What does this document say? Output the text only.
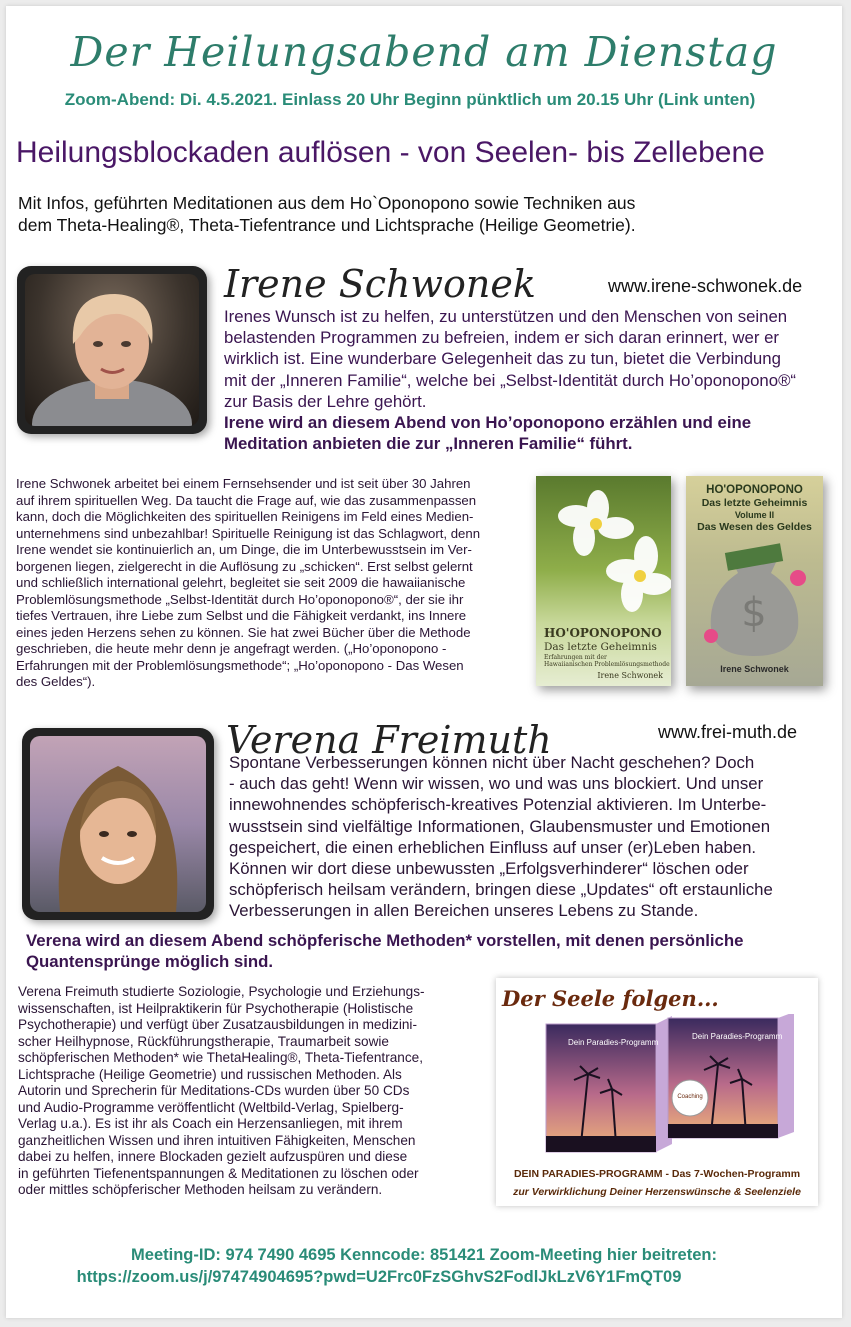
Der Heilungsabend am Dienstag
Zoom-Abend: Di. 4.5.2021. Einlass 20 Uhr Beginn pünktlich um 20.15 Uhr (Link unten)
Heilungsblockaden auflösen - von Seelen- bis Zellebene
Mit Infos, geführten Meditationen aus dem Ho`Oponopono sowie Techniken aus
dem Theta-Healing®, Theta-Tiefentrance und Lichtsprache (Heilige Geometrie).
Irene Schwonek	www.irene-schwonek.de
Irenes Wunsch ist zu helfen, zu unterstützen und den Menschen von seinen
belastenden Programmen zu befreien, indem er sich daran erinnert, wer er
wirklich ist. Eine wunderbare Gelegenheit das zu tun, bietet die Verbindung
mit der „Inneren Familie“, welche bei „Selbst-Identität durch Ho’oponopono®“
zur Basis der Lehre gehört.
Irene wird an diesem Abend von Ho’oponopono erzählen und eine
Meditation anbieten die zur „Inneren Familie“ führt.
Irene Schwonek arbeitet bei einem Fernsehsender und ist seit über 30 Jahren
auf ihrem spirituellen Weg. Da taucht die Frage auf, wie das zusammenpassen
kann, doch die Möglichkeiten des spirituellen Reinigens im Feld eines Medien-
unternehmens sind unbezahlbar! Spirituelle Reinigung ist das Schlagwort, denn
Irene wendet sie kontinuierlich an, um Dinge, die im Unterbewusstsein im Ver-
borgenen liegen, zielgerecht in die Auflösung zu „schicken“. Erst selbst gelernt
und schließlich international gelehrt, begleitet sie seit 2009 die hawaiianische
Problemlösungsmethode „Selbst-Identität durch Ho’oponopono®“, der sie ihr
tiefes Vertrauen, ihre Liebe zum Selbst und die Fähigkeit verdankt, ins Innere
eines jeden Herzens sehen zu können. Sie hat zwei Bücher über die Methode
geschrieben, die heute mehr denn je angefragt werden. („Ho’oponopono -
Erfahrungen mit der Problemlösungsmethode“; „Ho’oponopono - Das Wesen
des Geldes“).
HO'OPONOPONO
Das letzte Geheimnis
Erfahrungen mit der
Hawaiianischen Problemlösungsmethode
Irene Schwonek
HO'OPONOPONO
Das letzte Geheimnis
Volume II
Das Wesen des Geldes
$
Irene Schwonek
Verena Freimuth	www.frei-muth.de
Spontane Verbesserungen können nicht über Nacht geschehen? Doch
- auch das geht! Wenn wir wissen, wo und was uns blockiert. Und unser
innewohnendes schöpferisch-kreatives Potenzial aktivieren. Im Unterbe-
wusstsein sind vielfältige Informationen, Glaubensmuster und Emotionen
gespeichert, die einen erheblichen Einfluss auf unser (er)Leben haben.
Können wir dort diese unbewussten „Erfolgsverhinderer“ löschen oder
schöpferisch heilsam verändern, bringen diese „Updates“ oft erstaunliche
Verbesserungen in allen Bereichen unseres Lebens zu Stande.
Verena wird an diesem Abend schöpferische Methoden* vorstellen, mit denen persönliche
Quantensprünge möglich sind.
Verena Freimuth studierte Soziologie, Psychologie und Erziehungs-
wissenschaften, ist Heilpraktikerin für Psychotherapie (Holistische
Psychotherapie) und verfügt über Zusatzausbildungen in medizini-
scher Heilhypnose, Rückführungstherapie, Traumarbeit sowie
schöpferischen Methoden* wie ThetaHealing®, Theta-Tiefentrance,
Lichtsprache (Heilige Geometrie) und russischen Methoden. Als
Autorin und Sprecherin für Meditations-CDs wurden über 50 CDs
und Audio-Programme veröffentlicht (Weltbild-Verlag, Spielberg-
Verlag u.a.). Es ist ihr als Coach ein Herzensanliegen, mit ihrem
ganzheitlichen Wissen und ihren intuitiven Fähigkeiten, Menschen
dabei zu helfen, innere Blockaden gezielt aufzuspüren und diese
in geführten Tiefenentspannungen & Meditationen zu löschen oder
oder mittles schöpferischer Methoden heilsam zu verändern.
Der Seele folgen...
Dein Paradies-Programm
Dein Paradies-Programm
Coaching
DEIN PARADIES-PROGRAMM - Das 7-Wochen-Programm
zur Verwirklichung Deiner Herzenswünsche & Seelenziele
Meeting-ID: 974 7490 4695 Kenncode: 851421 Zoom-Meeting hier beitreten:
https://zoom.us/j/97474904695?pwd=U2Frc0FzSGhvS2FodlJkLzV6Y1FmQT09
